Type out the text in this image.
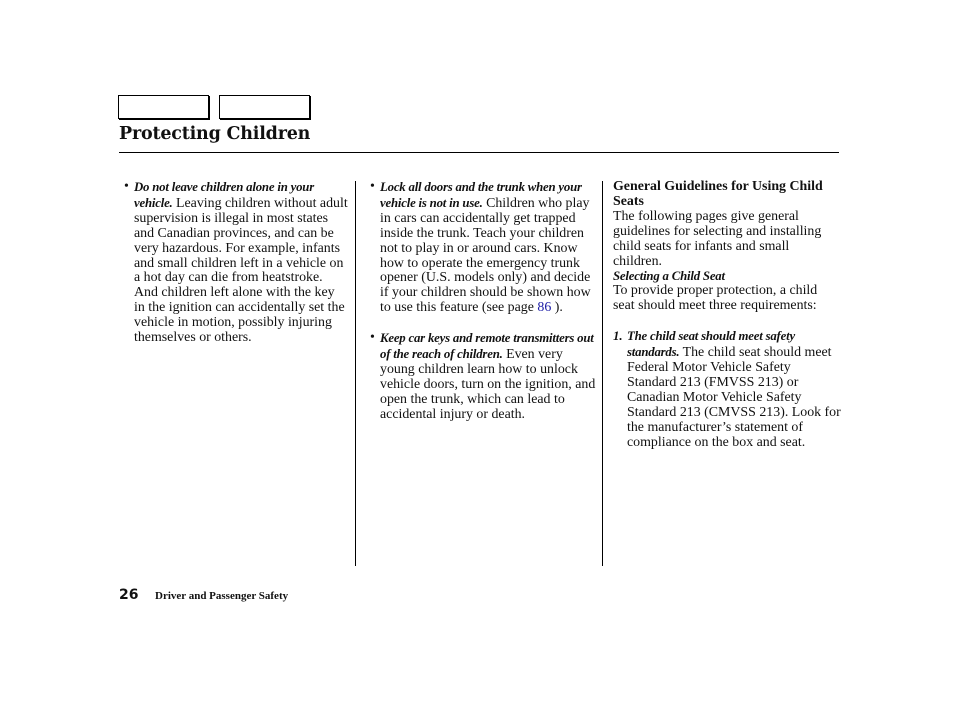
Protecting Children
• Do not leave children alone in your vehicle. Leaving children without adult supervision is illegal in most states and Canadian provinces, and can be very hazardous. For example, infants and small children left in a vehicle on a hot day can die from heatstroke. And children left alone with the key in the ignition can accidentally set the vehicle in motion, possibly injuring themselves or others.
• Lock all doors and the trunk when your vehicle is not in use. Children who play in cars can accidentally get trapped inside the trunk. Teach your children not to play in or around cars. Know how to operate the emergency trunk opener (U.S. models only) and decide if your children should be shown how to use this feature (see page 86 ).
• Keep car keys and remote transmitters out of the reach of children. Even very young children learn how to unlock vehicle doors, turn on the ignition, and open the trunk, which can lead to accidental injury or death.

General Guidelines for Using Child Seats

The following pages give general guidelines for selecting and installing child seats for infants and small children.

Selecting a Child Seat

To provide proper protection, a child seat should meet three requirements:

1. The child seat should meet safety standards. The child seat should meet Federal Motor Vehicle Safety Standard 213 (FMVSS 213) or Canadian Motor Vehicle Safety Standard 213 (CMVSS 213). Look for the manufacturer’s statement of compliance on the box and seat.
26 Driver and Passenger Safety
